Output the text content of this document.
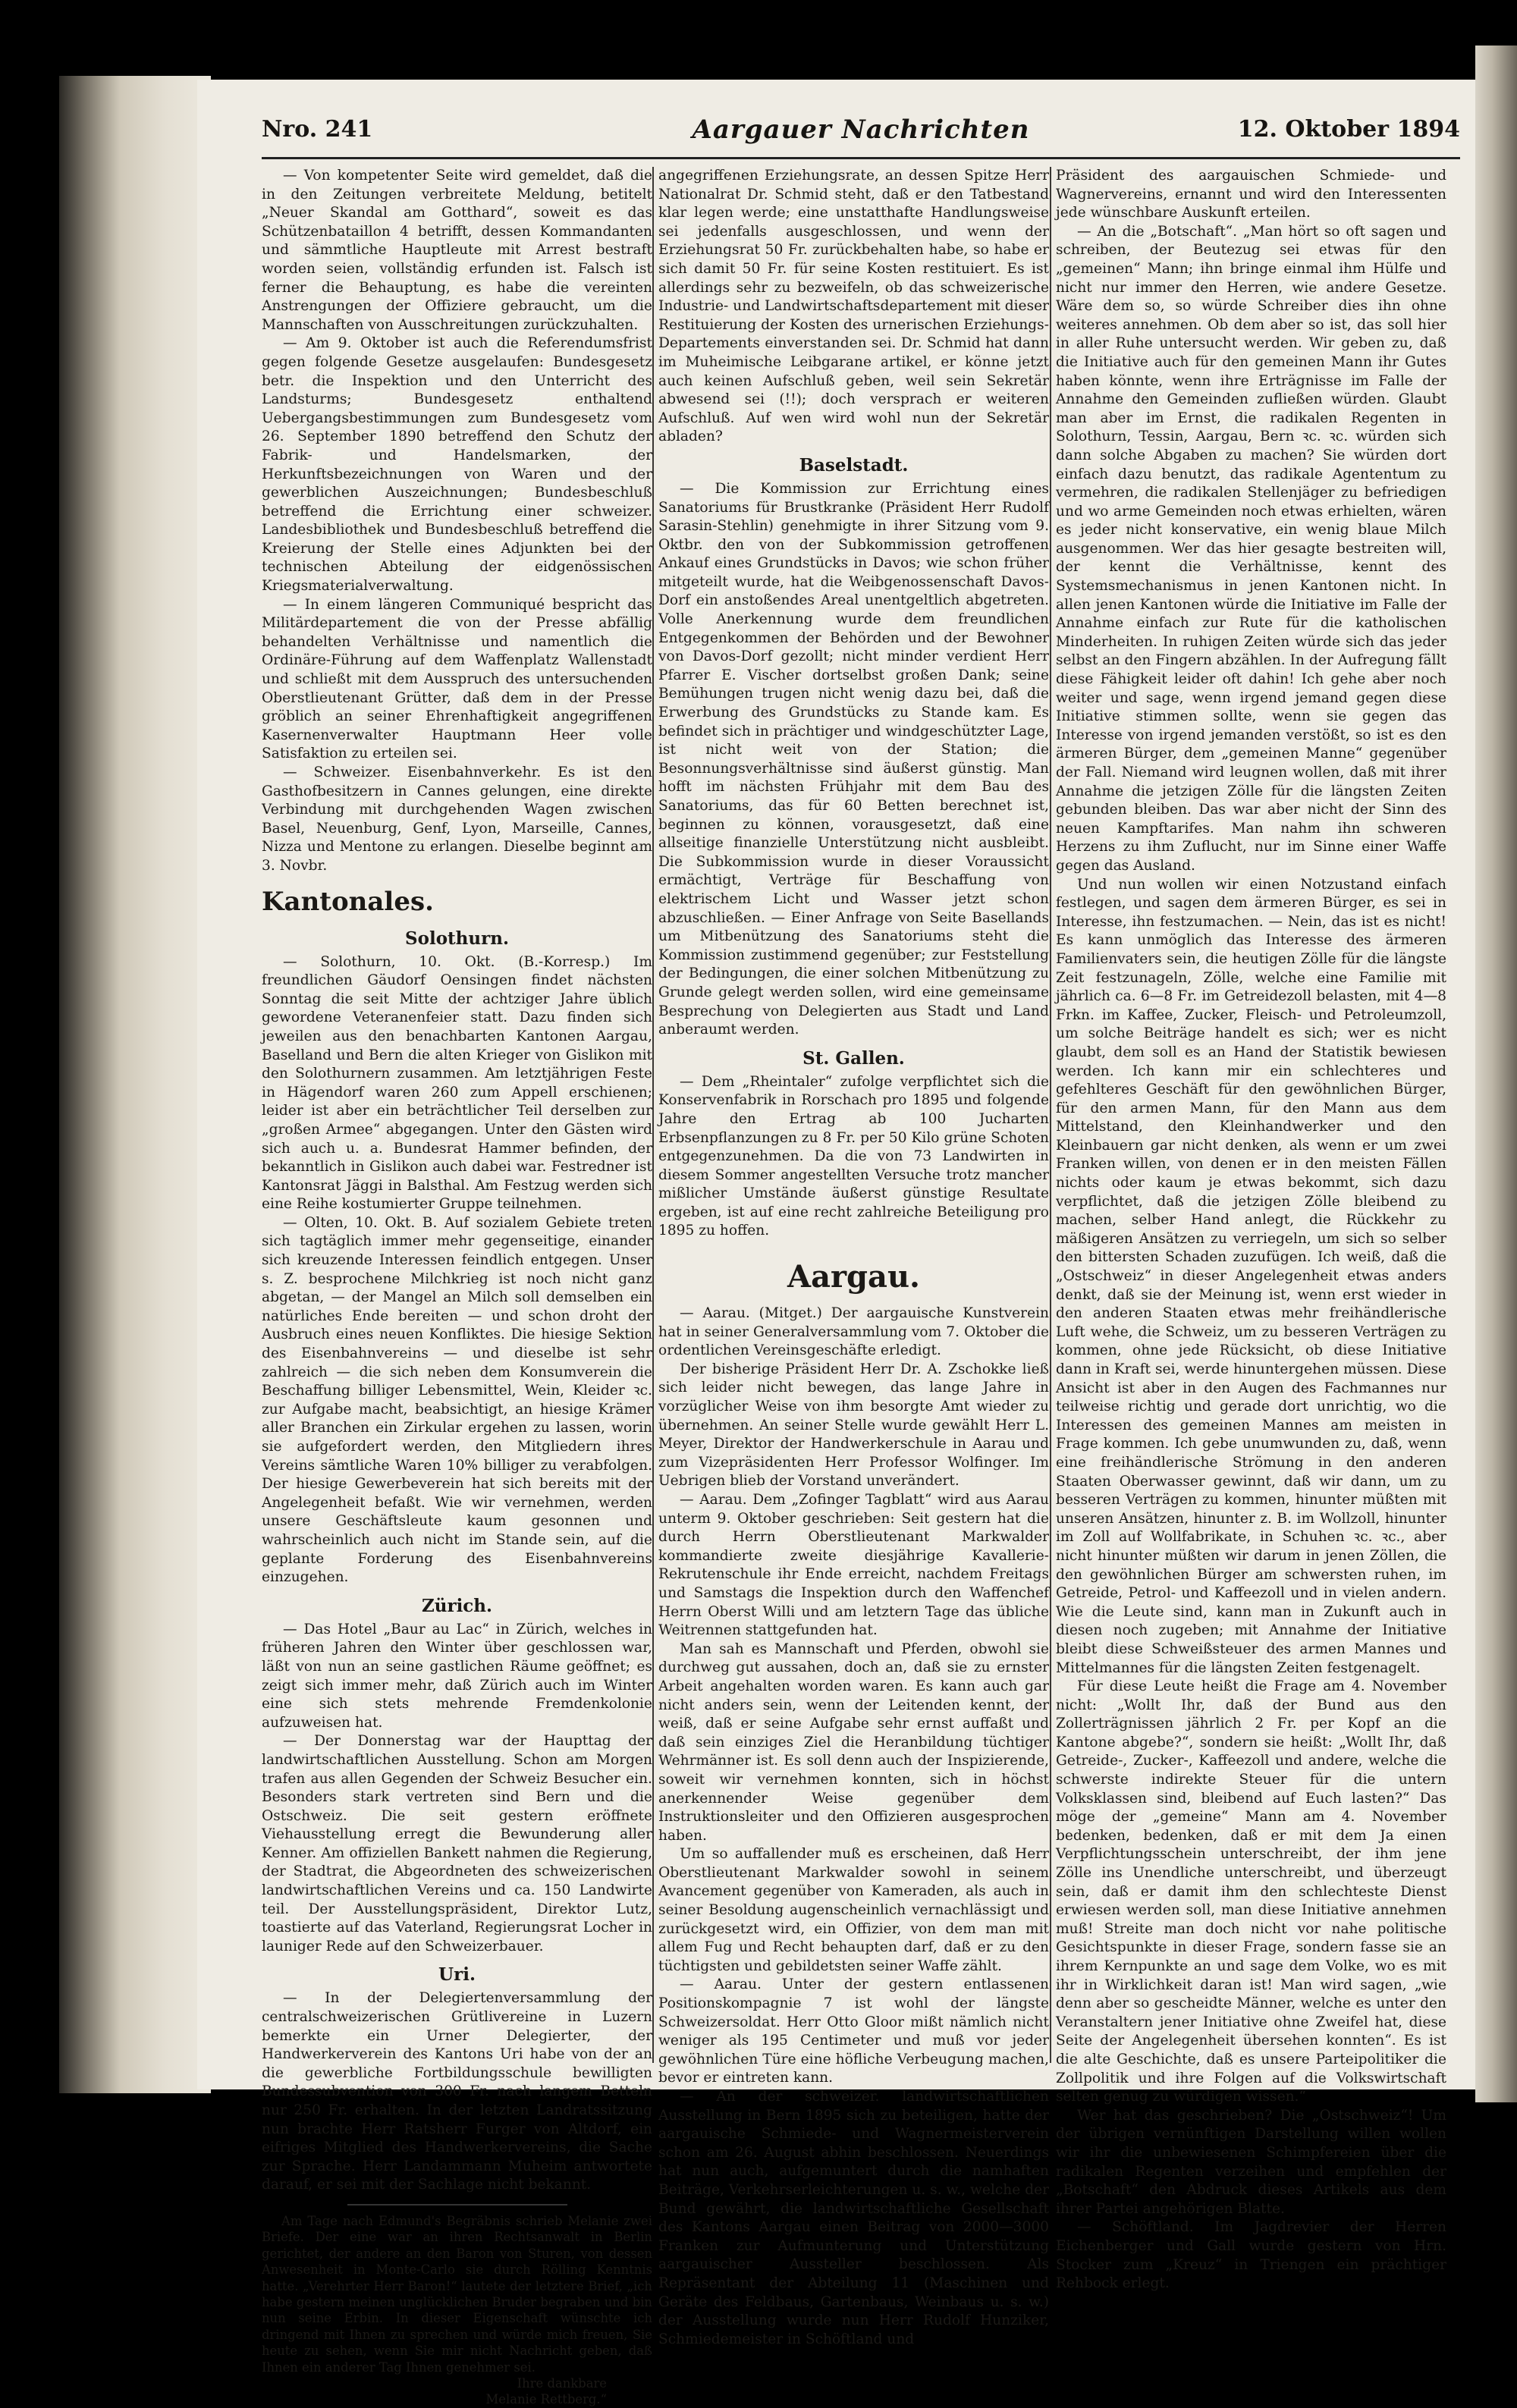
Nro. 241	Aargauer Nachrichten	12. Oktober 1894

— Von kompetenter Seite wird gemeldet, daß die in den Zeitungen verbreitete Meldung, betitelt „Neuer Skandal am Gotthard“, soweit es das Schützenbataillon 4 betrifft, dessen Kommandanten und sämmtliche Hauptleute mit Arrest bestraft worden seien, vollständig erfunden ist. Falsch ist ferner die Behauptung, es habe die vereinten Anstrengungen der Offiziere gebraucht, um die Mannschaften von Ausschreitungen zurückzuhalten.

— Am 9. Oktober ist auch die Referendumsfrist gegen folgende Gesetze ausgelaufen: Bundesgesetz betr. die Inspektion und den Unterricht des Landsturms; Bundesgesetz enthaltend Uebergangsbestimmungen zum Bundesgesetz vom 26. September 1890 betreffend den Schutz der Fabrik- und Handelsmarken, der Herkunftsbezeichnungen von Waren und der gewerblichen Auszeichnungen; Bundesbeschluß betreffend die Errichtung einer schweizer. Landesbibliothek und Bundesbeschluß betreffend die Kreierung der Stelle eines Adjunkten bei der technischen Abteilung der eidgenössischen Kriegsmaterialverwaltung.

— In einem längeren Communiqué bespricht das Militärdepartement die von der Presse abfällig behandelten Verhältnisse und namentlich die Ordinäre-Führung auf dem Waffenplatz Wallenstadt und schließt mit dem Ausspruch des untersuchenden Oberstlieutenant Grütter, daß dem in der Presse gröblich an seiner Ehrenhaftigkeit angegriffenen Kasernenverwalter Hauptmann Heer volle Satisfaktion zu erteilen sei.

— Schweizer. Eisenbahnverkehr. Es ist den Gasthofbesitzern in Cannes gelungen, eine direkte Verbindung mit durchgehenden Wagen zwischen Basel, Neuenburg, Genf, Lyon, Marseille, Cannes, Nizza und Mentone zu erlangen. Dieselbe beginnt am 3. Novbr.

Kantonales.
Solothurn.

— Solothurn, 10. Okt. (B.-Korresp.) Im freundlichen Gäudorf Oensingen findet nächsten Sonntag die seit Mitte der achtziger Jahre üblich gewordene Veteranenfeier statt. Dazu finden sich jeweilen aus den benachbarten Kantonen Aargau, Baselland und Bern die alten Krieger von Gislikon mit den Solothurnern zusammen. Am letztjährigen Feste in Hägendorf waren 260 zum Appell erschienen; leider ist aber ein beträchtlicher Teil derselben zur „großen Armee“ abgegangen. Unter den Gästen wird sich auch u. a. Bundesrat Hammer befinden, der bekanntlich in Gislikon auch dabei war. Festredner ist Kantonsrat Jäggi in Balsthal. Am Festzug werden sich eine Reihe kostumierter Gruppe teilnehmen.

— Olten, 10. Okt. B. Auf sozialem Gebiete treten sich tagtäglich immer mehr gegenseitige, einander sich kreuzende Interessen feindlich entgegen. Unser s. Z. besprochene Milchkrieg ist noch nicht ganz abgetan, — der Mangel an Milch soll demselben ein natürliches Ende bereiten — und schon droht der Ausbruch eines neuen Konfliktes. Die hiesige Sektion des Eisenbahnvereins — und dieselbe ist sehr zahlreich — die sich neben dem Konsumverein die Beschaffung billiger Lebensmittel, Wein, Kleider ꝛc. zur Aufgabe macht, beabsichtigt, an hiesige Krämer aller Branchen ein Zirkular ergehen zu lassen, worin sie aufgefordert werden, den Mitgliedern ihres Vereins sämtliche Waren 10% billiger zu verabfolgen. Der hiesige Gewerbeverein hat sich bereits mit der Angelegenheit befaßt. Wie wir vernehmen, werden unsere Geschäftsleute kaum gesonnen und wahrscheinlich auch nicht im Stande sein, auf die geplante Forderung des Eisenbahnvereins einzugehen.

Zürich.

— Das Hotel „Baur au Lac“ in Zürich, welches in früheren Jahren den Winter über geschlossen war, läßt von nun an seine gastlichen Räume geöffnet; es zeigt sich immer mehr, daß Zürich auch im Winter eine sich stets mehrende Fremdenkolonie aufzuweisen hat.

— Der Donnerstag war der Haupttag der landwirtschaftlichen Ausstellung. Schon am Morgen trafen aus allen Gegenden der Schweiz Besucher ein. Besonders stark vertreten sind Bern und die Ostschweiz. Die seit gestern eröffnete Viehausstellung erregt die Bewunderung aller Kenner. Am offiziellen Bankett nahmen die Regierung, der Stadtrat, die Abgeordneten des schweizerischen landwirtschaftlichen Vereins und ca. 150 Landwirte teil. Der Ausstellungspräsident, Direktor Lutz, toastierte auf das Vaterland, Regierungsrat Locher in launiger Rede auf den Schweizerbauer.

Uri.

— In der Delegiertenversammlung der centralschweizerischen Grütlivereine in Luzern bemerkte ein Urner Delegierter, der Handwerkerverein des Kantons Uri habe von der an die gewerbliche Fortbildungsschule bewilligten Bundessubvention von 300 Fr. nach langem Betteln nur 250 Fr. erhalten. In der letzten Landratssitzung nun brachte Herr Ratsherr Furger von Altdorf, ein eifriges Mitglied des Handwerkervereins, die Sache zur Sprache. Herr Landammann Muheim antwortete darauf, er sei mit der Sachlage nicht bekannt.

Am Tage nach Edmund's Begräbnis schrieb Melanie zwei Briefe. Der eine war an ihren Rechtsanwalt in Berlin gerichtet, der andere an den Baron von Sturen, von dessen Anwesenheit in Monte-Carlo sie durch Rölling Kenntnis hatte. „Verehrter Herr Baron!“ lautete der letztere Brief, „ich habe gestern meinen unglücklichen Bruder begraben und bin nun seine Erbin. In dieser Eigenschaft wünschte ich dringend mit Ihnen zu sprechen und würde mich freuen, Sie heute zu sehen, wenn Sie mir nicht Nachricht geben, daß Ihnen ein anderer Tag Ihnen genehmer sei.

Ihre dankbare

Melanie Rettberg.“

angegriffenen Erziehungsrate, an dessen Spitze Herr Nationalrat Dr. Schmid steht, daß er den Tatbestand klar legen werde; eine unstatthafte Handlungsweise sei jedenfalls ausgeschlossen, und wenn der Erziehungsrat 50 Fr. zurückbehalten habe, so habe er sich damit 50 Fr. für seine Kosten restituiert. Es ist allerdings sehr zu bezweifeln, ob das schweizerische Industrie- und Landwirtschaftsdepartement mit dieser Restituierung der Kosten des urnerischen Erziehungs-Departements einverstanden sei. Dr. Schmid hat dann im Muheimische Leibgarane artikel, er könne jetzt auch keinen Aufschluß geben, weil sein Sekretär abwesend sei (!!); doch versprach er weiteren Aufschluß. Auf wen wird wohl nun der Sekretär abladen?

Baselstadt.

— Die Kommission zur Errichtung eines Sanatoriums für Brustkranke (Präsident Herr Rudolf Sarasin-Stehlin) genehmigte in ihrer Sitzung vom 9. Oktbr. den von der Subkommission getroffenen Ankauf eines Grundstücks in Davos; wie schon früher mitgeteilt wurde, hat die Weibgenossenschaft Davos-Dorf ein anstoßendes Areal unentgeltlich abgetreten. Volle Anerkennung wurde dem freundlichen Entgegenkommen der Behörden und der Bewohner von Davos-Dorf gezollt; nicht minder verdient Herr Pfarrer E. Vischer dortselbst großen Dank; seine Bemühungen trugen nicht wenig dazu bei, daß die Erwerbung des Grundstücks zu Stande kam. Es befindet sich in prächtiger und windgeschützter Lage, ist nicht weit von der Station; die Besonnungsverhältnisse sind äußerst günstig. Man hofft im nächsten Frühjahr mit dem Bau des Sanatoriums, das für 60 Betten berechnet ist, beginnen zu können, vorausgesetzt, daß eine allseitige finanzielle Unterstützung nicht ausbleibt. Die Subkommission wurde in dieser Voraussicht ermächtigt, Verträge für Beschaffung von elektrischem Licht und Wasser jetzt schon abzuschließen. — Einer Anfrage von Seite Basellands um Mitbenützung des Sanatoriums steht die Kommission zustimmend gegenüber; zur Feststellung der Bedingungen, die einer solchen Mitbenützung zu Grunde gelegt werden sollen, wird eine gemeinsame Besprechung von Delegierten aus Stadt und Land anberaumt werden.

St. Gallen.

— Dem „Rheintaler“ zufolge verpflichtet sich die Konservenfabrik in Rorschach pro 1895 und folgende Jahre den Ertrag ab 100 Jucharten Erbsenpflanzungen zu 8 Fr. per 50 Kilo grüne Schoten entgegenzunehmen. Da die von 73 Landwirten in diesem Sommer angestellten Versuche trotz mancher mißlicher Umstände äußerst günstige Resultate ergeben, ist auf eine recht zahlreiche Beteiligung pro 1895 zu hoffen.

Aargau.

— Aarau. (Mitget.) Der aargauische Kunstverein hat in seiner Generalversammlung vom 7. Oktober die ordentlichen Vereinsgeschäfte erledigt.

Der bisherige Präsident Herr Dr. A. Zschokke ließ sich leider nicht bewegen, das lange Jahre in vorzüglicher Weise von ihm besorgte Amt wieder zu übernehmen. An seiner Stelle wurde gewählt Herr L. Meyer, Direktor der Handwerkerschule in Aarau und zum Vizepräsidenten Herr Professor Wolfinger. Im Uebrigen blieb der Vorstand unverändert.

— Aarau. Dem „Zofinger Tagblatt“ wird aus Aarau unterm 9. Oktober geschrieben: Seit gestern hat die durch Herrn Oberstlieutenant Markwalder kommandierte zweite diesjährige Kavallerie-Rekrutenschule ihr Ende erreicht, nachdem Freitags und Samstags die Inspektion durch den Waffenchef Herrn Oberst Willi und am letztern Tage das übliche Weitrennen stattgefunden hat.

Man sah es Mannschaft und Pferden, obwohl sie durchweg gut aussahen, doch an, daß sie zu ernster Arbeit angehalten worden waren. Es kann auch gar nicht anders sein, wenn der Leitenden kennt, der weiß, daß er seine Aufgabe sehr ernst auffaßt und daß sein einziges Ziel die Heranbildung tüchtiger Wehrmänner ist. Es soll denn auch der Inspizierende, soweit wir vernehmen konnten, sich in höchst anerkennender Weise gegenüber dem Instruktionsleiter und den Offizieren ausgesprochen haben.

Um so auffallender muß es erscheinen, daß Herr Oberstlieutenant Markwalder sowohl in seinem Avancement gegenüber von Kameraden, als auch in seiner Besoldung augenscheinlich vernachlässigt und zurückgesetzt wird, ein Offizier, von dem man mit allem Fug und Recht behaupten darf, daß er zu den tüchtigsten und gebildetsten seiner Waffe zählt.

— Aarau. Unter der gestern entlassenen Positionskompagnie 7 ist wohl der längste Schweizersoldat. Herr Otto Gloor mißt nämlich nicht weniger als 195 Centimeter und muß vor jeder gewöhnlichen Türe eine höfliche Verbeugung machen, bevor er eintreten kann.

— An der schweizer. landwirtschaftlichen Ausstellung in Bern 1895 sich zu beteiligen, hatte der aargauische Schmiede- und Wagnermeisterverein schon am 26. August abhin beschlossen. Neuerdings hat nun auch, aufgemuntert durch die namhaften Beiträge, Verkehrserleichterungen u. s. w., welche der Bund gewährt, die landwirtschaftliche Gesellschaft des Kantons Aargau einen Beitrag von 2000—3000 Franken zur Aufmunterung und Unterstützung aargauischer Aussteller beschlossen. Als Repräsentant der Abteilung 11 (Maschinen und Geräte des Feldbaus, Gartenbaus, Weinbaus u. s. w.) der Ausstellung wurde nun Herr Rudolf Hunziker, Schmiedemeister in Schöftland und

Präsident des aargauischen Schmiede- und Wagnervereins, ernannt und wird den Interessenten jede wünschbare Auskunft erteilen.

— An die „Botschaft“. „Man hört so oft sagen und schreiben, der Beutezug sei etwas für den „gemeinen“ Mann; ihn bringe einmal ihm Hülfe und nicht nur immer den Herren, wie andere Gesetze. Wäre dem so, so würde Schreiber dies ihn ohne weiteres annehmen. Ob dem aber so ist, das soll hier in aller Ruhe untersucht werden. Wir geben zu, daß die Initiative auch für den gemeinen Mann ihr Gutes haben könnte, wenn ihre Erträgnisse im Falle der Annahme den Gemeinden zufließen würden. Glaubt man aber im Ernst, die radikalen Regenten in Solothurn, Tessin, Aargau, Bern ꝛc. ꝛc. würden sich dann solche Abgaben zu machen? Sie würden dort einfach dazu benutzt, das radikale Agententum zu vermehren, die radikalen Stellenjäger zu befriedigen und wo arme Gemeinden noch etwas erhielten, wären es jeder nicht konservative, ein wenig blaue Milch ausgenommen. Wer das hier gesagte bestreiten will, der kennt die Verhältnisse, kennt des Systemsmechanismus in jenen Kantonen nicht. In allen jenen Kantonen würde die Initiative im Falle der Annahme einfach zur Rute für die katholischen Minderheiten. In ruhigen Zeiten würde sich das jeder selbst an den Fingern abzählen. In der Aufregung fällt diese Fähigkeit leider oft dahin! Ich gehe aber noch weiter und sage, wenn irgend jemand gegen diese Initiative stimmen sollte, wenn sie gegen das Interesse von irgend jemanden verstößt, so ist es den ärmeren Bürger, dem „gemeinen Manne“ gegenüber der Fall. Niemand wird leugnen wollen, daß mit ihrer Annahme die jetzigen Zölle für die längsten Zeiten gebunden bleiben. Das war aber nicht der Sinn des neuen Kampftarifes. Man nahm ihn schweren Herzens zu ihm Zuflucht, nur im Sinne einer Waffe gegen das Ausland.

Und nun wollen wir einen Notzustand einfach festlegen, und sagen dem ärmeren Bürger, es sei in Interesse, ihn festzumachen. — Nein, das ist es nicht! Es kann unmöglich das Interesse des ärmeren Familienvaters sein, die heutigen Zölle für die längste Zeit festzunageln, Zölle, welche eine Familie mit jährlich ca. 6—8 Fr. im Getreidezoll belasten, mit 4—8 Frkn. im Kaffee, Zucker, Fleisch- und Petroleumzoll, um solche Beiträge handelt es sich; wer es nicht glaubt, dem soll es an Hand der Statistik bewiesen werden. Ich kann mir ein schlechteres und gefehlteres Geschäft für den gewöhnlichen Bürger, für den armen Mann, für den Mann aus dem Mittelstand, den Kleinhandwerker und den Kleinbauern gar nicht denken, als wenn er um zwei Franken willen, von denen er in den meisten Fällen nichts oder kaum je etwas bekommt, sich dazu verpflichtet, daß die jetzigen Zölle bleibend zu machen, selber Hand anlegt, die Rückkehr zu mäßigeren Ansätzen zu verriegeln, um sich so selber den bittersten Schaden zuzufügen. Ich weiß, daß die „Ostschweiz“ in dieser Angelegenheit etwas anders denkt, daß sie der Meinung ist, wenn erst wieder in den anderen Staaten etwas mehr freihändlerische Luft wehe, die Schweiz, um zu besseren Verträgen zu kommen, ohne jede Rücksicht, ob diese Initiative dann in Kraft sei, werde hinuntergehen müssen. Diese Ansicht ist aber in den Augen des Fachmannes nur teilweise richtig und gerade dort unrichtig, wo die Interessen des gemeinen Mannes am meisten in Frage kommen. Ich gebe unumwunden zu, daß, wenn eine freihändlerische Strömung in den anderen Staaten Oberwasser gewinnt, daß wir dann, um zu besseren Verträgen zu kommen, hinunter müßten mit unseren Ansätzen, hinunter z. B. im Wollzoll, hinunter im Zoll auf Wollfabrikate, in Schuhen ꝛc. ꝛc., aber nicht hinunter müßten wir darum in jenen Zöllen, die den gewöhnlichen Bürger am schwersten ruhen, im Getreide, Petrol- und Kaffeezoll und in vielen andern. Wie die Leute sind, kann man in Zukunft auch in diesen noch zugeben; mit Annahme der Initiative bleibt diese Schweißsteuer des armen Mannes und Mittelmannes für die längsten Zeiten festgenagelt.

Für diese Leute heißt die Frage am 4. November nicht: „Wollt Ihr, daß der Bund aus den Zollerträgnissen jährlich 2 Fr. per Kopf an die Kantone abgebe?“, sondern sie heißt: „Wollt Ihr, daß Getreide-, Zucker-, Kaffeezoll und andere, welche die schwerste indirekte Steuer für die untern Volksklassen sind, bleibend auf Euch lasten?“ Das möge der „gemeine“ Mann am 4. November bedenken, bedenken, daß er mit dem Ja einen Verpflichtungsschein unterschreibt, der ihm jene Zölle ins Unendliche unterschreibt, und überzeugt sein, daß er damit ihm den schlechteste Dienst erwiesen werden soll, man diese Initiative annehmen muß! Streite man doch nicht vor nahe politische Gesichtspunkte in dieser Frage, sondern fasse sie an ihrem Kernpunkte an und sage dem Volke, wo es mit ihr in Wirklichkeit daran ist! Man wird sagen, „wie denn aber so gescheidte Männer, welche es unter den Veranstaltern jener Initiative ohne Zweifel hat, diese Seite der Angelegenheit übersehen konnten“. Es ist die alte Geschichte, daß es unsere Parteipolitiker die Zollpolitik und ihre Folgen auf die Volkswirtschaft selten genug zu würdigen wissen.“

Wer hat das geschrieben? Die „Ostschweiz“! Um der übrigen vernünftigen Darstellung willen wollen wir ihr die unbewiesenen Schimpfereien über die radikalen Regenten verzeihen und empfehlen der „Botschaft“ den Abdruck dieses Artikels aus dem ihrer Partei angehörigen Blatte.

— Schöftland. Im Jagdrevier der Herren Eichenberger und Gall wurde gestern von Hrn. Stocker zum „Kreuz“ in Triengen ein prächtiger Rehbock erlegt.
